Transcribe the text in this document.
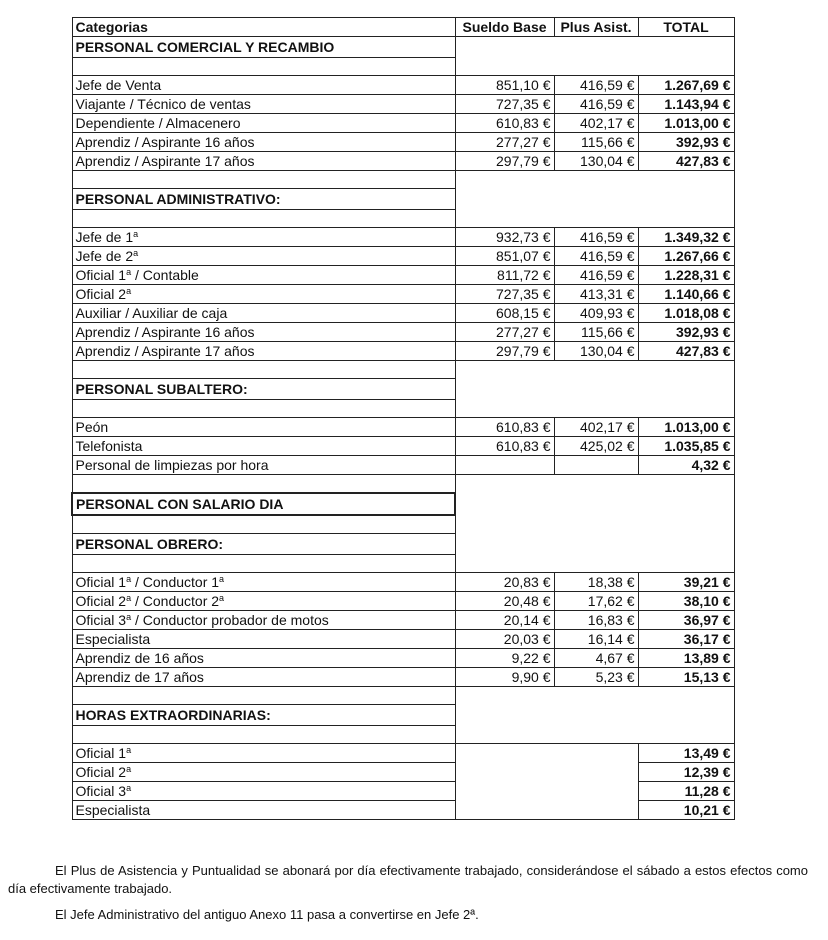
Categorias	Sueldo Base	Plus Asist.	TOTAL
PERSONAL COMERCIAL Y RECAMBIO			

Jefe de Venta	851,10 €	416,59 €	1.267,69 €
Viajante / Técnico de ventas	727,35 €	416,59 €	1.143,94 €
Dependiente / Almacenero	610,83 €	402,17 €	1.013,00 €
Aprendiz / Aspirante 16 años	277,27 €	115,66 €	392,93 €
Aprendiz / Aspirante 17 años	297,79 €	130,04 €	427,83 €

PERSONAL ADMINISTRATIVO:			

Jefe de 1$^a$	932,73 €	416,59 €	1.349,32 €
Jefe de 2$^a$	851,07 €	416,59 €	1.267,66 €
Oficial 1$^a$ / Contable	811,72 €	416,59 €	1.228,31 €
Oficial 2$^a$	727,35 €	413,31 €	1.140,66 €
Auxiliar / Auxiliar de caja	608,15 €	409,93 €	1.018,08 €
Aprendiz / Aspirante 16 años	277,27 €	115,66 €	392,93 €
Aprendiz / Aspirante 17 años	297,79 €	130,04 €	427,83 €

PERSONAL SUBALTERO:			

Peón	610,83 €	402,17 €	1.013,00 €
Telefonista	610,83 €	425,02 €	1.035,85 €
Personal de limpiezas por hora			4,32 €

PERSONAL CON SALARIO DIA			

PERSONAL OBRERO:			

Oficial 1$^a$ / Conductor 1$^a$	20,83 €	18,38 €	39,21 €
Oficial 2$^a$ / Conductor 2$^a$	20,48 €	17,62 €	38,10 €
Oficial 3$^a$ / Conductor probador de motos	20,14 €	16,83 €	36,97 €
Especialista	20,03 €	16,14 €	36,17 €
Aprendiz de 16 años	9,22 €	4,67 €	13,89 €
Aprendiz de 17 años	9,90 €	5,23 €	15,13 €

HORAS EXTRAORDINARIAS:			

Oficial 1$^a$			13,49 €
Oficial 2$^a$			12,39 €
Oficial 3$^a$			11,28 €
Especialista			10,21 €
El Plus de Asistencia y Puntualidad se abonará por día efectivamente trabajado, considerándose el sábado a estos efectos como día efectivamente trabajado.
El Jefe Administrativo del antiguo Anexo 11 pasa a convertirse en Jefe 2ª.
